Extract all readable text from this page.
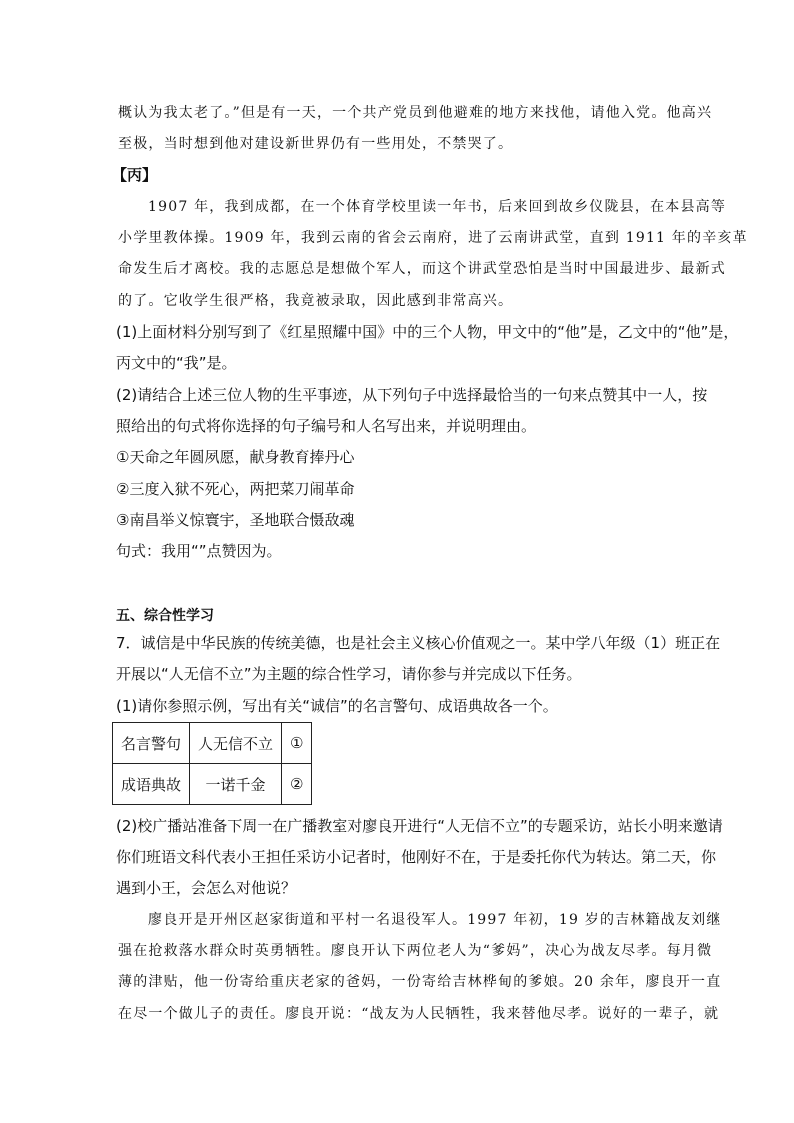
概认为我太老了。”但是有一天，一个共产党员到他避难的地方来找他，请他入党。他高兴
至极，当时想到他对建设新世界仍有一些用处，不禁哭了。
【丙】
1907 年，我到成都，在一个体育学校里读一年书，后来回到故乡仪陇县，在本县高等
小学里教体操。1909 年，我到云南的省会云南府，进了云南讲武堂，直到 1911 年的辛亥革
命发生后才离校。我的志愿总是想做个军人，而这个讲武堂恐怕是当时中国最进步、最新式
的了。它收学生很严格，我竟被录取，因此感到非常高兴。
(1)上面材料分别写到了《红星照耀中国》中的三个人物，甲文中的“他”是，乙文中的“他”是，
丙文中的“我”是。
(2)请结合上述三位人物的生平事迹，从下列句子中选择最恰当的一句来点赞其中一人，按
照给出的句式将你选择的句子编号和人名写出来，并说明理由。
①天命之年圆夙愿，献身教育捧丹心
②三度入狱不死心，两把菜刀闹革命
③南昌举义惊寰宇，圣地联合慑敌魂
句式：我用“”点赞因为。
五、综合性学习
7．诚信是中华民族的传统美德，也是社会主义核心价值观之一。某中学八年级（1）班正在
开展以“人无信不立”为主题的综合性学习，请你参与并完成以下任务。
(1)请你参照示例，写出有关“诚信”的名言警句、成语典故各一个。
名言警句	人无信不立	①
成语典故	一诺千金	②
(2)校广播站准备下周一在广播教室对廖良开进行“人无信不立”的专题采访，站长小明来邀请
你们班语文科代表小王担任采访小记者时，他刚好不在，于是委托你代为转达。第二天，你
遇到小王，会怎么对他说？
廖良开是开州区赵家街道和平村一名退役军人。1997 年初，19 岁的吉林籍战友刘继
强在抢救落水群众时英勇牺牲。廖良开认下两位老人为“爹妈”，决心为战友尽孝。每月微
薄的津贴，他一份寄给重庆老家的爸妈，一份寄给吉林桦甸的爹娘。20 余年，廖良开一直
在尽一个做儿子的责任。廖良开说：“战友为人民牺牲，我来替他尽孝。说好的一辈子，就
